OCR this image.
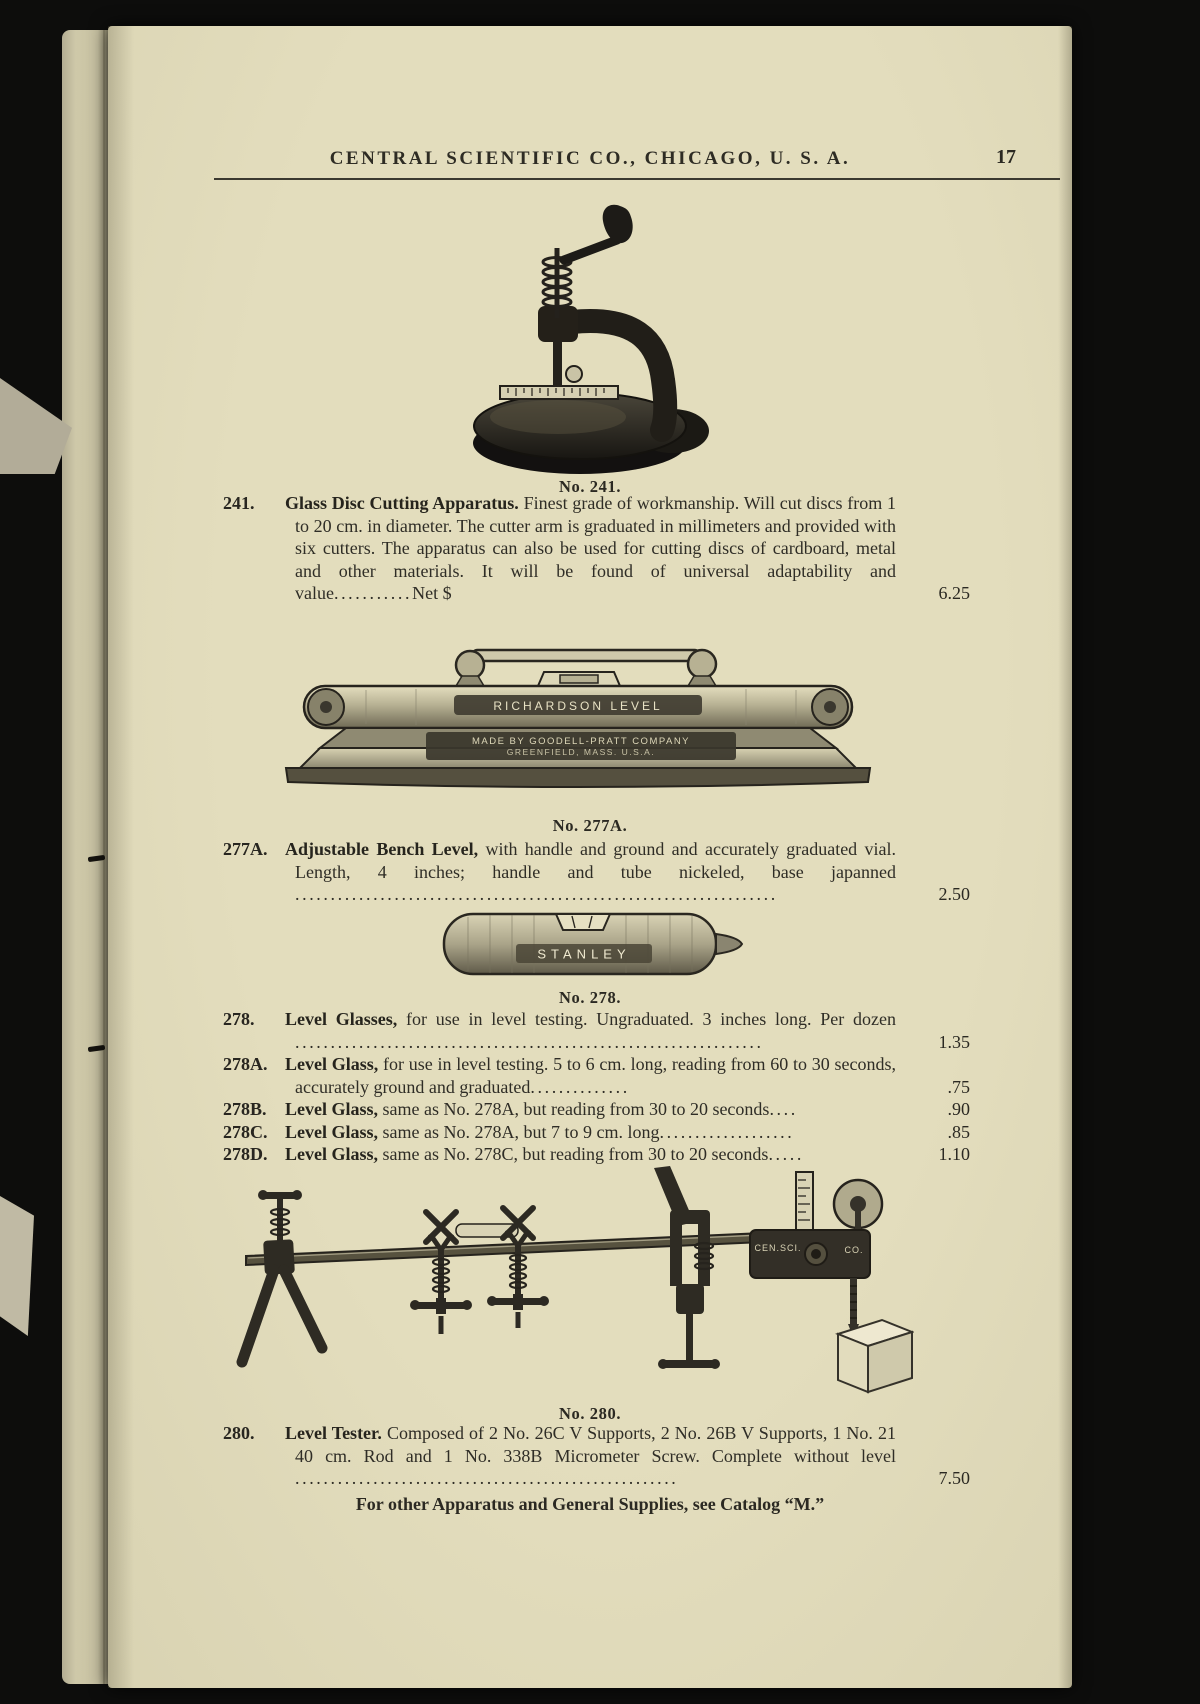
CENTRAL SCIENTIFIC CO., CHICAGO, U. S. A.	17
No. 241.
241.	Glass Disc Cutting Apparatus. Finest grade of workmanship. Will cut discs from 1 to 20 cm. in diameter. The cutter arm is graduated in millimeters and provided with six cutters. The apparatus can also be used for cutting discs of cardboard, metal and other materials. It will be found of universal adaptability and value...........Net $	6.25
RICHARDSON LEVEL
MADE BY GOODELL-PRATT COMPANY
GREENFIELD, MASS. U.S.A.
No. 277A.
277A. Adjustable Bench Level, with handle and ground and accurately graduated vial. Length, 4 inches; handle and tube nickeled, base japanned ....................................................................	2.50
STANLEY
No. 278.
278.	Level Glasses, for use in level testing. Ungraduated. 3 inches long. Per dozen ..................................................................	1.35
278A. Level Glass, for use in level testing. 5 to 6 cm. long, reading from 60 to 30 seconds, accurately ground and graduated..............	.75
278B.	Level Glass, same as No. 278A, but reading from 30 to 20 seconds....	.90
278C. Level Glass, same as No. 278A, but 7 to 9 cm. long...................	.85
278D. Level Glass, same as No. 278C, but reading from 30 to 20 seconds.....	1.10
CEN.SCI.	CO.
No. 280.
280.	Level Tester. Composed of 2 No. 26C V Supports, 2 No. 26B V Supports, 1 No. 21 40 cm. Rod and 1 No. 338B Micrometer Screw. Complete without level ......................................................	7.50
For other Apparatus and General Supplies, see Catalog “M.”
